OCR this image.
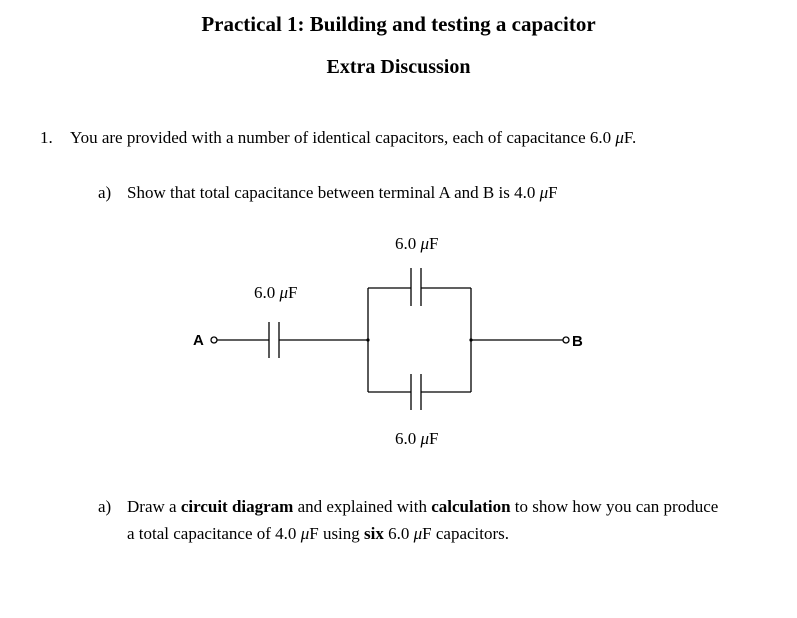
Practical 1: Building and testing a capacitor
Extra Discussion
1. You are provided with a number of identical capacitors, each of capacitance 6.0 μF.
a) Show that total capacitance between terminal A and B is 4.0 μF
A	B
6.0 μF
6.0 μF
6.0 μF
a) Draw a circuit diagram and explained with calculation to show how you can produce
a total capacitance of 4.0 μF using six 6.0 μF capacitors.
